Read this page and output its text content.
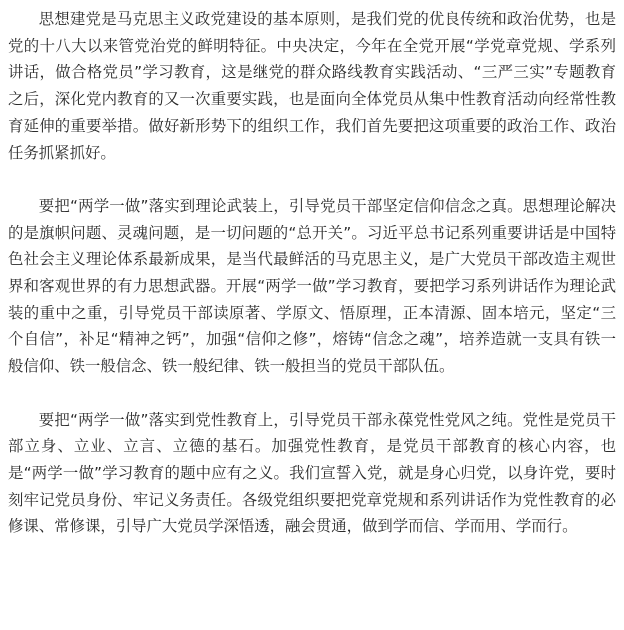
思想建党是马克思主义政党建设的基本原则，是我们党的优良传统和政治优势，也是党的十八大以来管党治党的鲜明特征。中央决定，今年在全党开展“学党章党规、学系列讲话，做合格党员”学习教育，这是继党的群众路线教育实践活动、“三严三实”专题教育之后，深化党内教育的又一次重要实践，也是面向全体党员从集中性教育活动向经常性教育延伸的重要举措。做好新形势下的组织工作，我们首先要把这项重要的政治工作、政治任务抓紧抓好。

要把“两学一做”落实到理论武装上，引导党员干部坚定信仰信念之真。思想理论解决的是旗帜问题、灵魂问题，是一切问题的“总开关”。习近平总书记系列重要讲话是中国特色社会主义理论体系最新成果，是当代最鲜活的马克思主义，是广大党员干部改造主观世界和客观世界的有力思想武器。开展“两学一做”学习教育，要把学习系列讲话作为理论武装的重中之重，引导党员干部读原著、学原文、悟原理，正本清源、固本培元，坚定“三个自信”，补足“精神之钙”，加强“信仰之修”，熔铸“信念之魂”，培养造就一支具有铁一般信仰、铁一般信念、铁一般纪律、铁一般担当的党员干部队伍。

要把“两学一做”落实到党性教育上，引导党员干部永葆党性党风之纯。党性是党员干部立身、立业、立言、立德的基石。加强党性教育，是党员干部教育的核心内容，也是“两学一做”学习教育的题中应有之义。我们宣誓入党，就是身心归党，以身许党，要时刻牢记党员身份、牢记义务责任。各级党组织要把党章党规和系列讲话作为党性教育的必修课、常修课，引导广大党员学深悟透，融会贯通，做到学而信、学而用、学而行。
